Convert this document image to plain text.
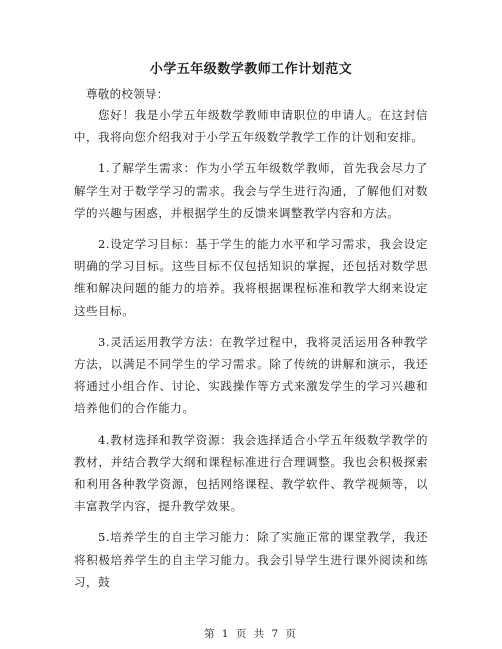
小学五年级数学教师工作计划范文
尊敬的校领导：

您好！我是小学五年级数学教师申请职位的申请人。在这封信中，我将向您介绍我对于小学五年级数学教学工作的计划和安排。

1.了解学生需求：作为小学五年级数学教师，首先我会尽力了解学生对于数学学习的需求。我会与学生进行沟通，了解他们对数学的兴趣与困惑，并根据学生的反馈来调整教学内容和方法。

2.设定学习目标：基于学生的能力水平和学习需求，我会设定明确的学习目标。这些目标不仅包括知识的掌握，还包括对数学思维和解决问题的能力的培养。我将根据课程标准和教学大纲来设定这些目标。

3.灵活运用教学方法：在教学过程中，我将灵活运用各种教学方法，以满足不同学生的学习需求。除了传统的讲解和演示，我还将通过小组合作、讨论、实践操作等方式来激发学生的学习兴趣和培养他们的合作能力。

4.教材选择和教学资源：我会选择适合小学五年级数学教学的教材，并结合教学大纲和课程标准进行合理调整。我也会积极探索和利用各种教学资源，包括网络课程、教学软件、教学视频等，以丰富教学内容，提升教学效果。

5.培养学生的自主学习能力：除了实施正常的课堂教学，我还将积极培养学生的自主学习能力。我会引导学生进行课外阅读和练习，鼓

第 1 页 共 7 页
